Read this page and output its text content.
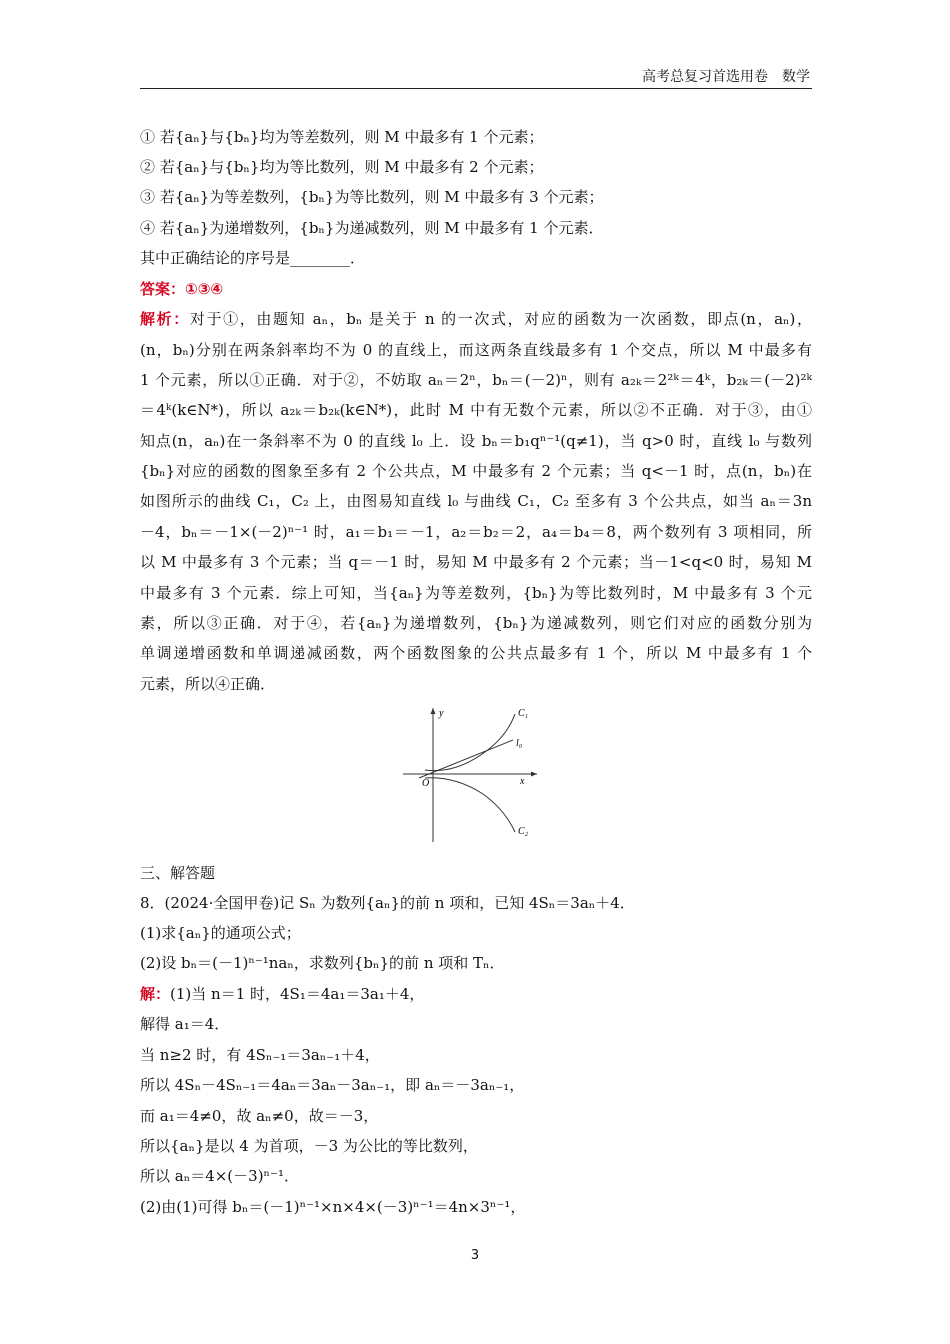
高考总复习首选用卷　数学
① 若{aₙ}与{bₙ}均为等差数列，则 M 中最多有 1 个元素；
② 若{aₙ}与{bₙ}均为等比数列，则 M 中最多有 2 个元素；
③ 若{aₙ}为等差数列，{bₙ}为等比数列，则 M 中最多有 3 个元素；
④ 若{aₙ}为递增数列，{bₙ}为递减数列，则 M 中最多有 1 个元素．
其中正确结论的序号是________．
答案：①③④
解析：对于①，由题知 aₙ，bₙ 是关于 n 的一次式，对应的函数为一次函数，即点(n，aₙ)，
(n，bₙ)分别在两条斜率均不为 0 的直线上，而这两条直线最多有 1 个交点，所以 M 中最多有
1 个元素，所以①正确．对于②，不妨取 aₙ＝2ⁿ，bₙ＝(－2)ⁿ，则有 a₂ₖ＝2²ᵏ＝4ᵏ，b₂ₖ＝(－2)²ᵏ
＝4ᵏ(k∈N*)，所以 a₂ₖ＝b₂ₖ(k∈N*)，此时 M 中有无数个元素，所以②不正确．对于③，由①
知点(n，aₙ)在一条斜率不为 0 的直线 l₀ 上．设 bₙ＝b₁qⁿ⁻¹(q≠1)，当 q>0 时，直线 l₀ 与数列
{bₙ}对应的函数的图象至多有 2 个公共点，M 中最多有 2 个元素；当 q<－1 时，点(n，bₙ)在
如图所示的曲线 C₁，C₂ 上，由图易知直线 l₀ 与曲线 C₁，C₂ 至多有 3 个公共点，如当 aₙ＝3n
－4，bₙ＝－1×(－2)ⁿ⁻¹ 时，a₁＝b₁＝－1，a₂＝b₂＝2，a₄＝b₄＝8，两个数列有 3 项相同，所
以 M 中最多有 3 个元素；当 q＝－1 时，易知 M 中最多有 2 个元素；当－1<q<0 时，易知 M
中最多有 3 个元素．综上可知，当{aₙ}为等差数列，{bₙ}为等比数列时，M 中最多有 3 个元
素，所以③正确．对于④，若{aₙ}为递增数列，{bₙ}为递减数列，则它们对应的函数分别为
单调递增函数和单调递减函数，两个函数图象的公共点最多有 1 个，所以 M 中最多有 1 个
元素，所以④正确．
y
x
O
C₁
l₀
C₂
三、解答题
8．(2024·全国甲卷)记 Sₙ 为数列{aₙ}的前 n 项和，已知 4Sₙ＝3aₙ＋4．
(1)求{aₙ}的通项公式；
(2)设 bₙ＝(－1)ⁿ⁻¹naₙ，求数列{bₙ}的前 n 项和 Tₙ．
解：(1)当 n＝1 时，4S₁＝4a₁＝3a₁＋4，
解得 a₁＝4．
当 n≥2 时，有 4Sₙ₋₁＝3aₙ₋₁＋4，
所以 4Sₙ－4Sₙ₋₁＝4aₙ＝3aₙ－3aₙ₋₁，即 aₙ＝－3aₙ₋₁，
而 a₁＝4≠0，故 aₙ≠0，故＝－3，
所以{aₙ}是以 4 为首项，－3 为公比的等比数列，
所以 aₙ＝4×(－3)ⁿ⁻¹．
(2)由(1)可得 bₙ＝(－1)ⁿ⁻¹×n×4×(－3)ⁿ⁻¹＝4n×3ⁿ⁻¹，
3
